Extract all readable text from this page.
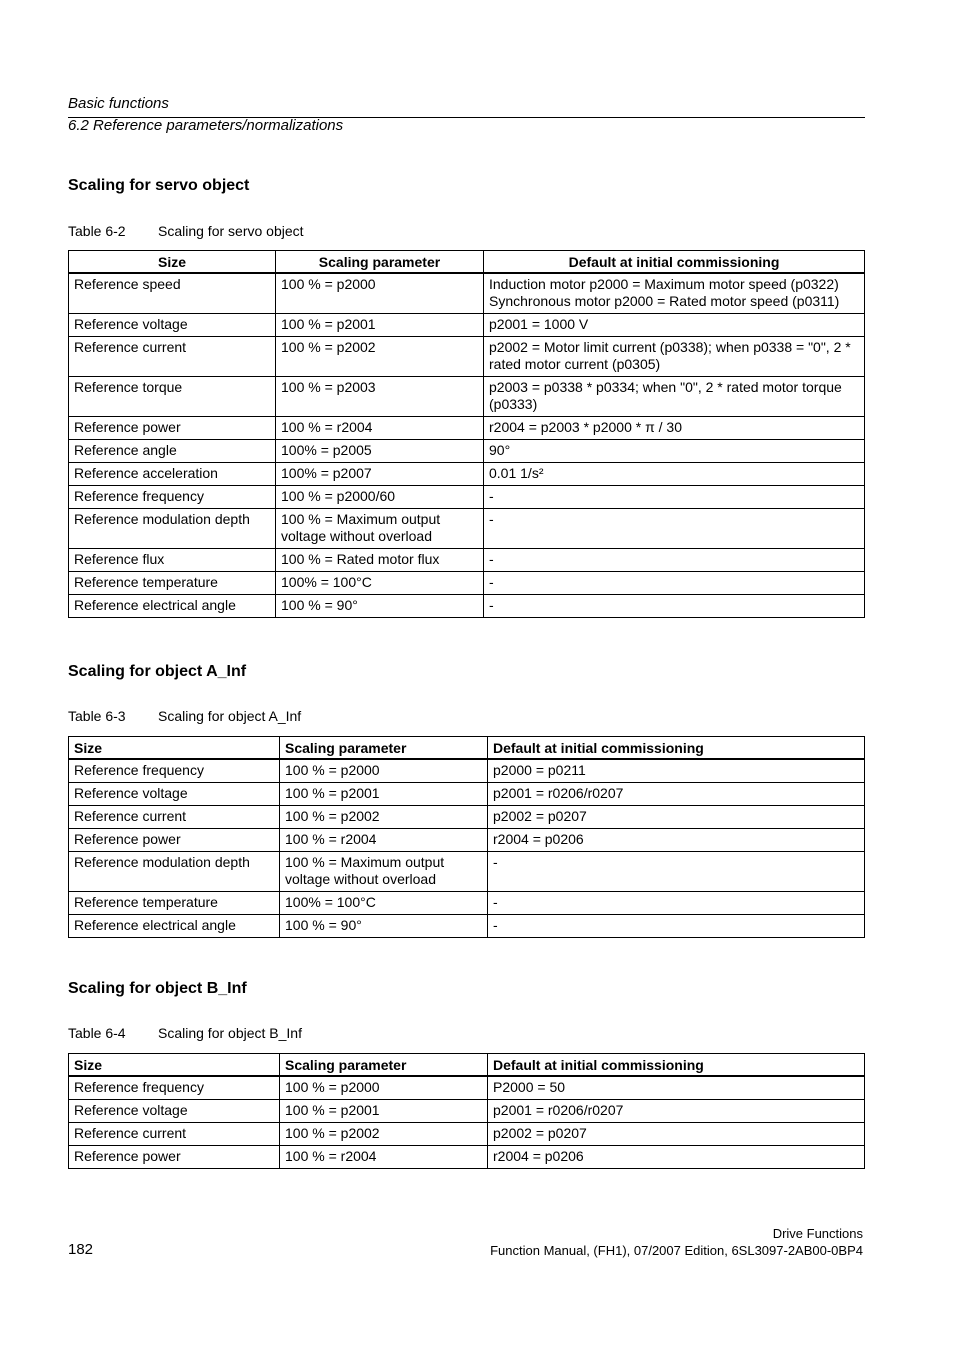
Basic functions
6.2 Reference parameters/normalizations
Scaling for servo object
Table 6-2 Scaling for servo object
Size	Scaling parameter	Default at initial commissioning
Reference speed	100 % = p2000	Induction motor p2000 = Maximum motor speed (p0322)
Synchronous motor p2000 = Rated motor speed (p0311)
Reference voltage	100 % = p2001	p2001 = 1000 V
Reference current	100 % = p2002	p2002 = Motor limit current (p0338); when p0338 = "0", 2 * rated motor current (p0305)
Reference torque	100 % = p2003	p2003 = p0338 * p0334; when "0", 2 * rated motor torque (p0333)
Reference power	100 % = r2004	r2004 = p2003 * p2000 * π / 30
Reference angle	100% = p2005	90°
Reference acceleration	100% = p2007	0.01 1/s²
Reference frequency	100 % = p2000/60	-
Reference modulation depth	100 % = Maximum output voltage without overload	-
Reference flux	100 % = Rated motor flux	-
Reference temperature	100% = 100°C	-
Reference electrical angle	100 % = 90°	-
Scaling for object A_Inf
Table 6-3 Scaling for object A_Inf
Size	Scaling parameter	Default at initial commissioning
Reference frequency	100 % = p2000	p2000 = p0211
Reference voltage	100 % = p2001	p2001 = r0206/r0207
Reference current	100 % = p2002	p2002 = p0207
Reference power	100 % = r2004	r2004 = p0206
Reference modulation depth	100 % = Maximum output voltage without overload	-
Reference temperature	100% = 100°C	-
Reference electrical angle	100 % = 90°	-
Scaling for object B_Inf
Table 6-4 Scaling for object B_Inf
Size	Scaling parameter	Default at initial commissioning
Reference frequency	100 % = p2000	P2000 = 50
Reference voltage	100 % = p2001	p2001 = r0206/r0207
Reference current	100 % = p2002	p2002 = p0207
Reference power	100 % = r2004	r2004 = p0206
Drive Functions
Function Manual, (FH1), 07/2007 Edition, 6SL3097-2AB00-0BP4
182
